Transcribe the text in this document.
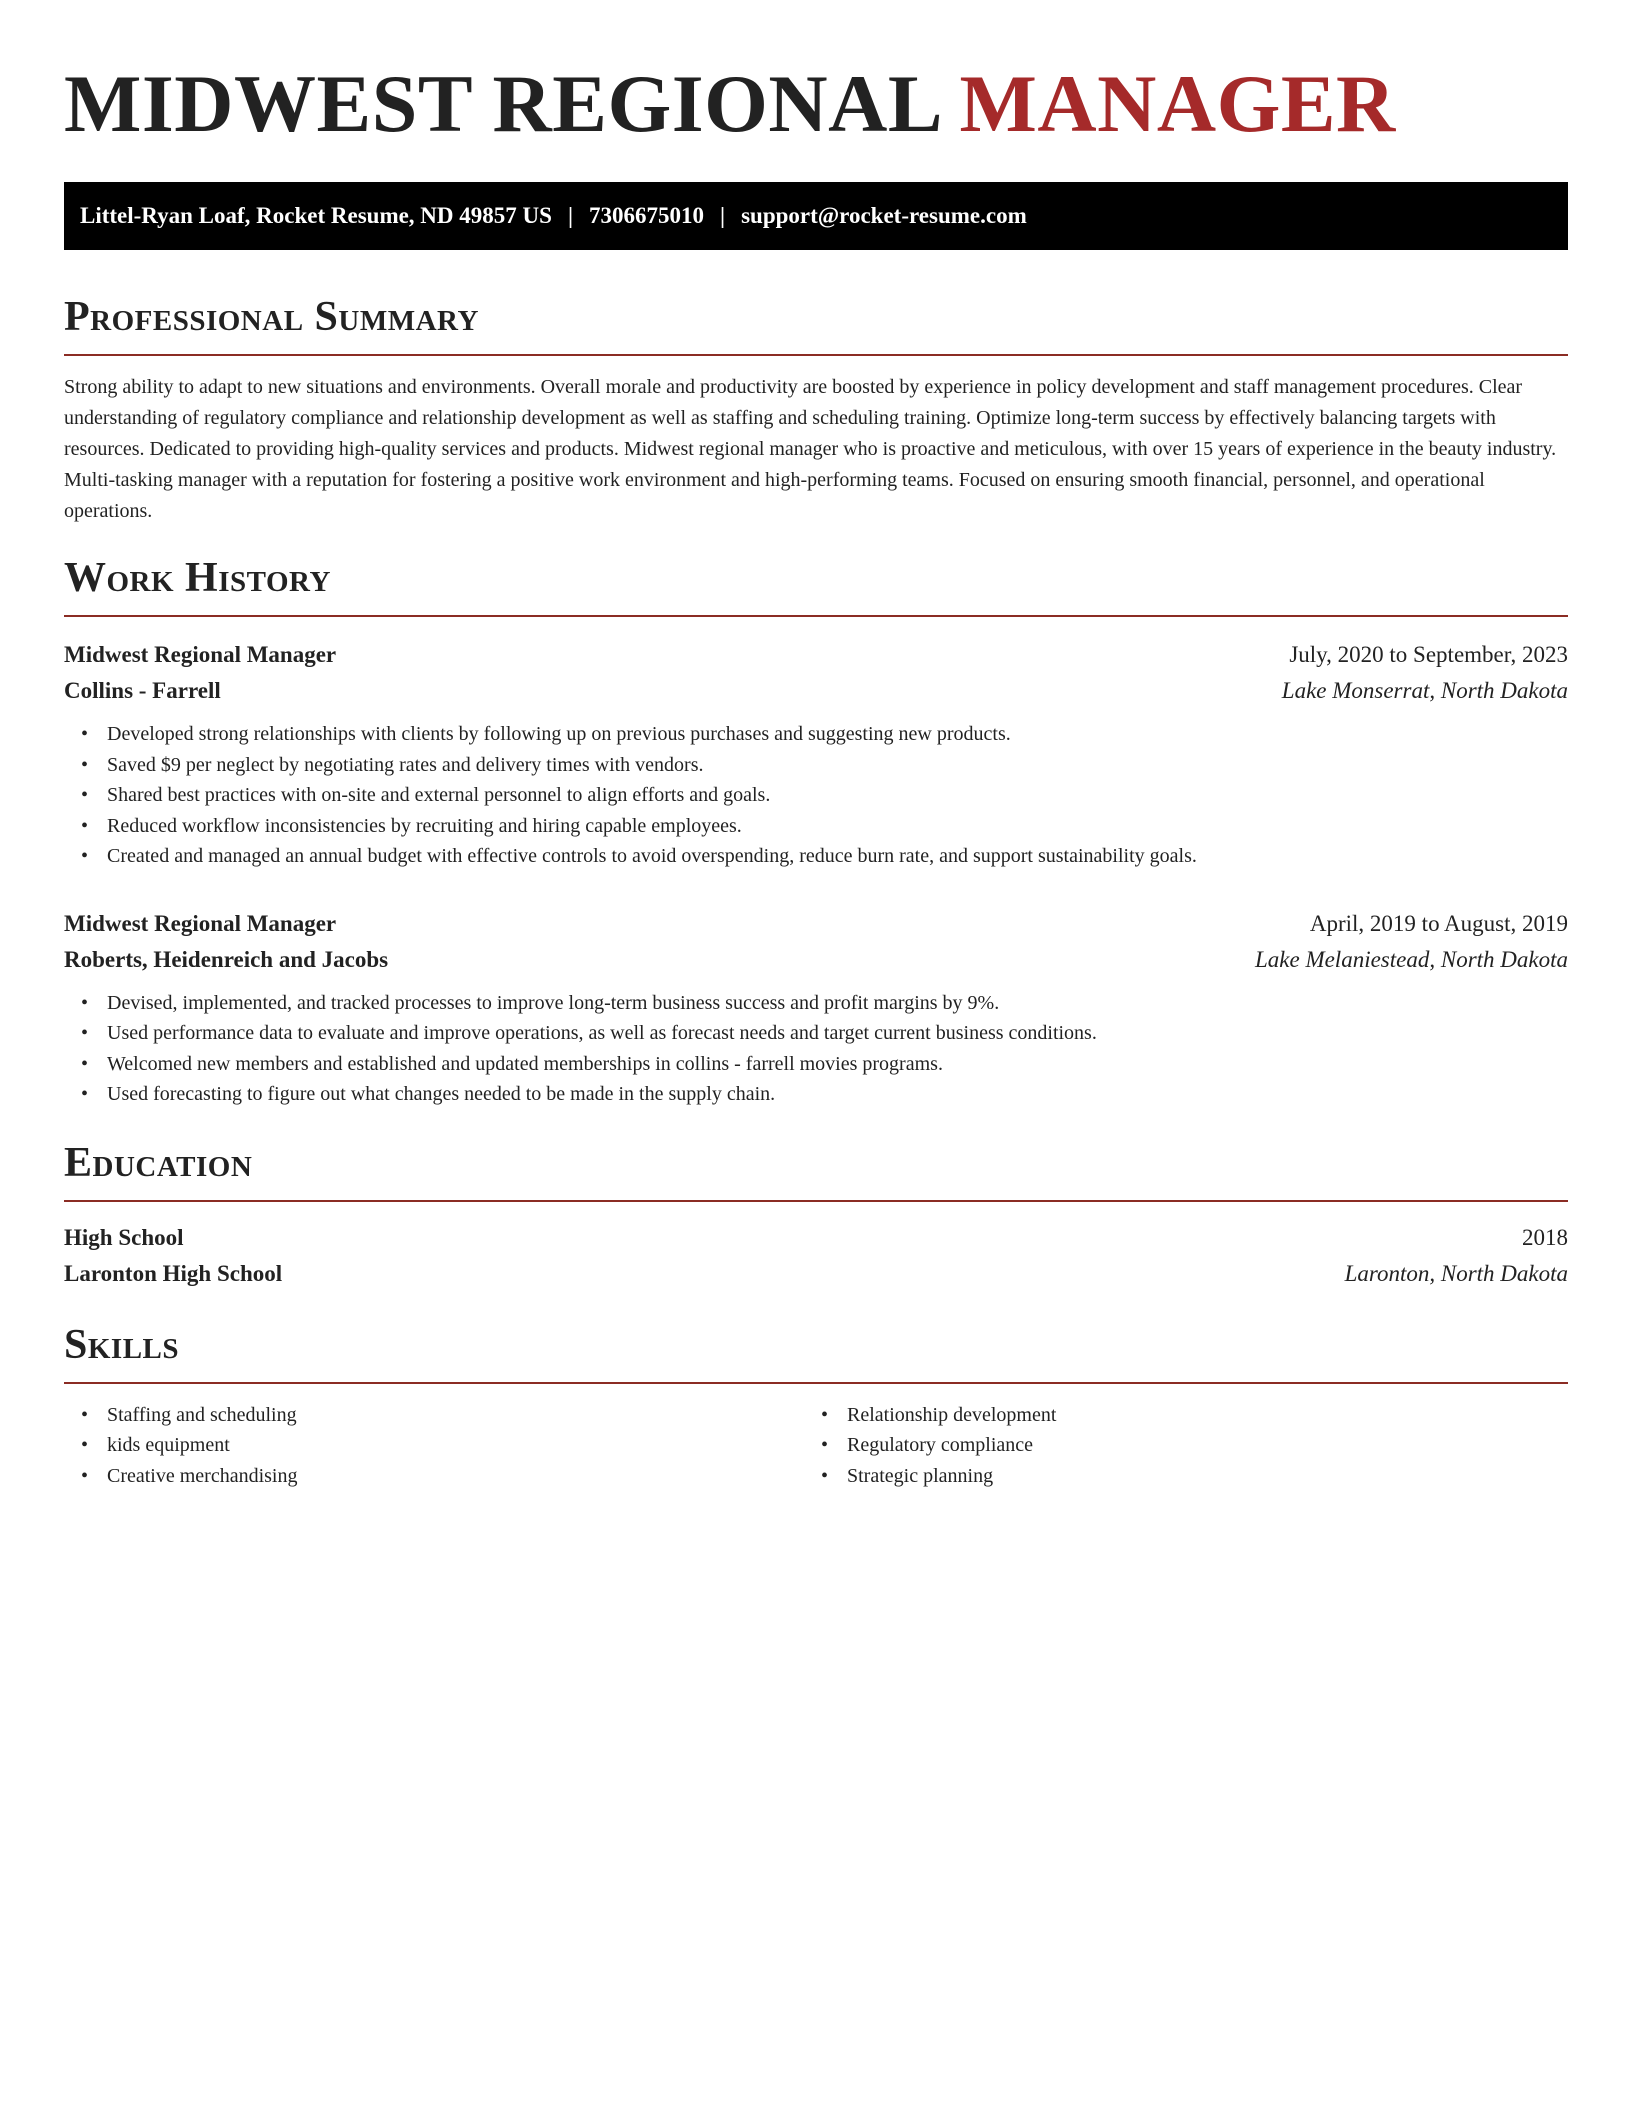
MIDWEST REGIONAL MANAGER
Littel-Ryan Loaf, Rocket Resume, ND 49857 US | 7306675010 | support@rocket-resume.com
Professional Summary

Strong ability to adapt to new situations and environments. Overall morale and productivity are boosted by experience in policy development and staff management procedures. Clear understanding of regulatory compliance and relationship development as well as staffing and scheduling training. Optimize long-term success by effectively balancing targets with resources. Dedicated to providing high-quality services and products. Midwest regional manager who is proactive and meticulous, with over 15 years of experience in the beauty industry. Multi-tasking manager with a reputation for fostering a positive work environment and high-performing teams. Focused on ensuring smooth financial, personnel, and operational operations.

Work History
Midwest Regional Manager	July, 2020 to September, 2023
Collins - Farrell	Lake Monserrat, North Dakota
• Developed strong relationships with clients by following up on previous purchases and suggesting new products.
• Saved $9 per neglect by negotiating rates and delivery times with vendors.
• Shared best practices with on-site and external personnel to align efforts and goals.
• Reduced workflow inconsistencies by recruiting and hiring capable employees.
• Created and managed an annual budget with effective controls to avoid overspending, reduce burn rate, and support sustainability goals.
Midwest Regional Manager	April, 2019 to August, 2019
Roberts, Heidenreich and Jacobs	Lake Melaniestead, North Dakota
• Devised, implemented, and tracked processes to improve long-term business success and profit margins by 9%.
• Used performance data to evaluate and improve operations, as well as forecast needs and target current business conditions.
• Welcomed new members and established and updated memberships in collins - farrell movies programs.
• Used forecasting to figure out what changes needed to be made in the supply chain.
Education
High School	2018
Laronton High School	Laronton, North Dakota
Skills
• Staffing and scheduling
• kids equipment
• Creative merchandising
• Relationship development
• Regulatory compliance
• Strategic planning
